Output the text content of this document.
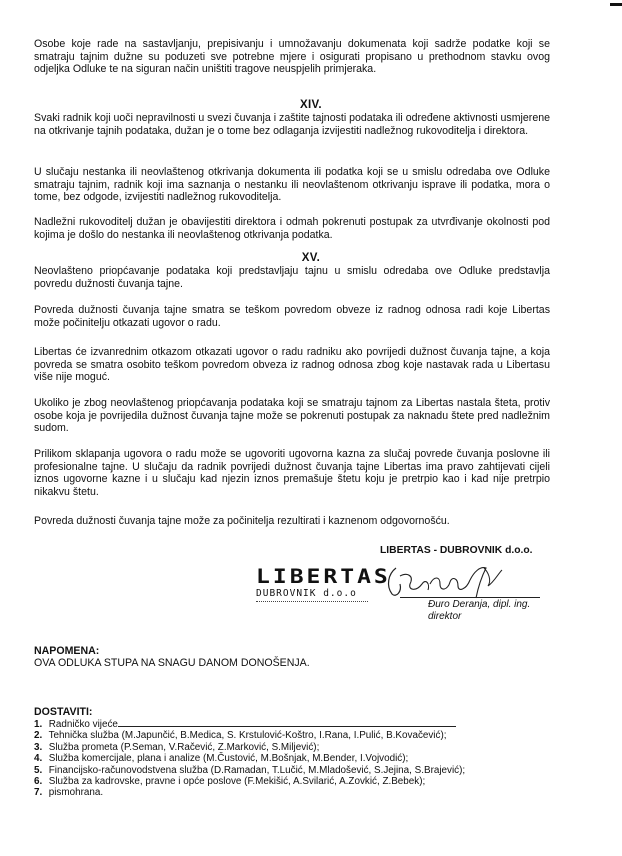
Osobe koje rade na sastavljanju, prepisivanju i umnožavanju dokumenata koji sadrže podatke koji se smatraju tajnim dužne su poduzeti sve potrebne mjere i osigurati propisano u prethodnom stavku ovog odjeljka Odluke te na siguran način uništiti tragove neuspjelih primjeraka.

XIV.

Svaki radnik koji uoči nepravilnosti u svezi čuvanja i zaštite tajnosti podataka ili određene aktivnosti usmjerene na otkrivanje tajnih podataka, dužan je o tome bez odlaganja izvijestiti nadležnog rukovoditelja i direktora.

U slučaju nestanka ili neovlaštenog otkrivanja dokumenta ili podatka koji se u smislu odredaba ove Odluke smatraju tajnim, radnik koji ima saznanja o nestanku ili neovlaštenom otkrivanju isprave ili podatka, mora o tome, bez odgode, izvijestiti nadležnog rukovoditelja.

Nadležni rukovoditelj dužan je obavijestiti direktora i odmah pokrenuti postupak za utvrđivanje okolnosti pod kojima je došlo do nestanka ili neovlaštenog otkrivanja podatka.

XV.

Neovlašteno priopćavanje podataka koji predstavljaju tajnu u smislu odredaba ove Odluke predstavlja povredu dužnosti čuvanja tajne.

Povreda dužnosti čuvanja tajne smatra se teškom povredom obveze iz radnog odnosa radi koje Libertas može počinitelju otkazati ugovor o radu.

Libertas će izvanrednim otkazom otkazati ugovor o radu radniku ako povrijedi dužnost čuvanja tajne, a koja povreda se smatra osobito teškom povredom obveza iz radnog odnosa zbog koje nastavak rada u Libertasu više nije moguć.

Ukoliko je zbog neovlaštenog priopćavanja podataka koji se smatraju tajnom za Libertas nastala šteta, protiv osobe koja je povrijedila dužnost čuvanja tajne može se pokrenuti postupak za naknadu štete pred nadležnim sudom.

Prilikom sklapanja ugovora o radu može se ugovoriti ugovorna kazna za slučaj povrede čuvanja poslovne ili profesionalne tajne. U slučaju da radnik povrijedi dužnost čuvanja tajne Libertas ima pravo zahtijevati cijeli iznos ugovorne kazne i u slučaju kad njezin iznos premašuje štetu koju je pretrpio kao i kad nije pretrpio nikakvu štetu.

Povreda dužnosti čuvanja tajne može za počinitelja rezultirati i kaznenom odgovornošću.

LIBERTAS - DUBROVNIK d.o.o.
LIBERTAS
DUBROVNIK d.o.o
Đuro Deranja, dipl. ing.
direktor
NAPOMENA:
OVA ODLUKA STUPA NA SNAGU DANOM DONOŠENJA.
DOSTAVITI:
1. Radničko vijeće
2. Tehnička služba (M.Japunčić, B.Medica, S. Krstulović-Koštro, I.Rana, I.Pulić, B.Kovačević);
3. Služba prometa (P.Seman, V.Račević, Z.Marković, S.Miljević);
4. Služba komercijale, plana i analize (M.Čustović, M.Bošnjak, M.Bender, I.Vojvodić);
5. Financijsko-računovodstvena služba (D.Ramadan, T.Lučić, M.Mladošević, S.Jejina, S.Brajević);
6. Služba za kadrovske, pravne i opće poslove (F.Mekišić, A.Svilarić, A.Zovkić, Z.Bebek);
7. pismohrana.
